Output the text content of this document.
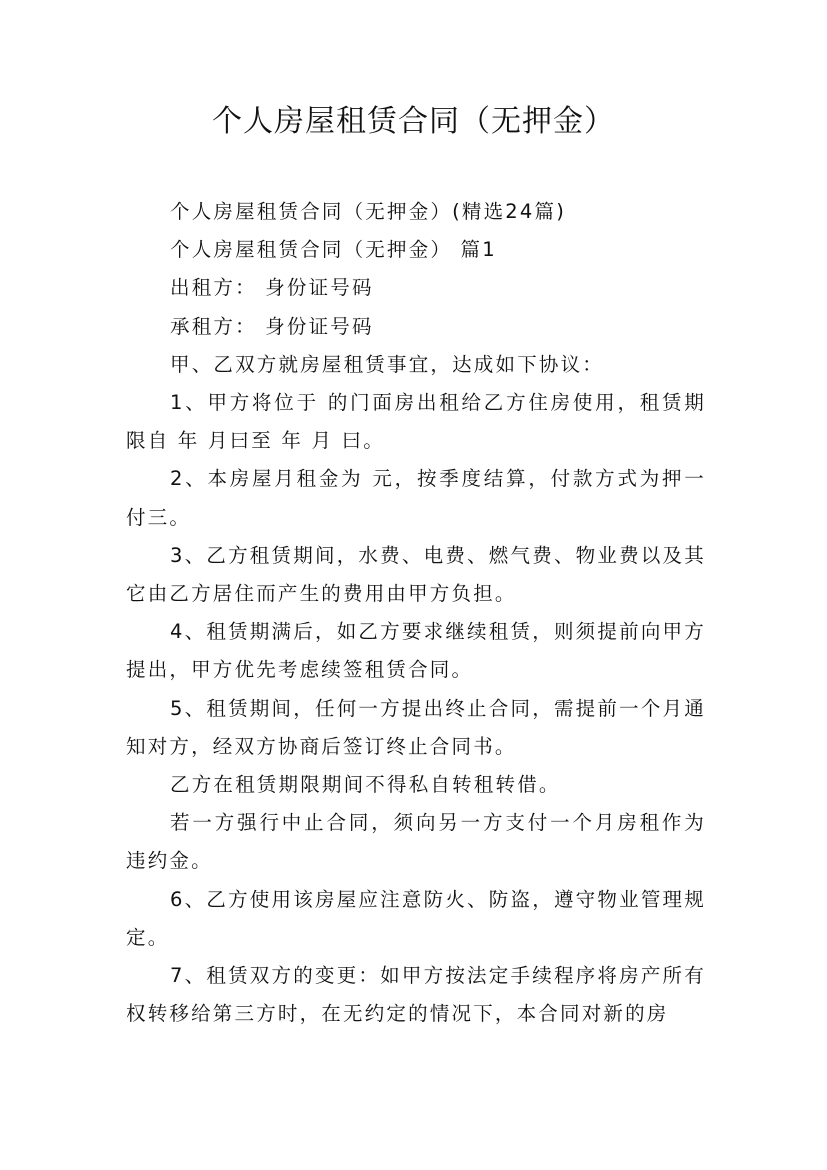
个人房屋租赁合同（无押金）

个人房屋租赁合同（无押金）(精选24篇)

个人房屋租赁合同（无押金） 篇1

出租方： 身份证号码

承租方： 身份证号码

甲、乙双方就房屋租赁事宜，达成如下协议：

1、甲方将位于 的门面房出租给乙方住房使用，租赁期限自 年 月曰至 年 月 曰。

2、本房屋月租金为 元，按季度结算，付款方式为押一付三。

3、乙方租赁期间，水费、电费、燃气费、物业费以及其它由乙方居住而产生的费用由甲方负担。

4、租赁期满后，如乙方要求继续租赁，则须提前向甲方提出，甲方优先考虑续签租赁合同。

5、租赁期间，任何一方提出终止合同，需提前一个月通知对方，经双方协商后签订终止合同书。

乙方在租赁期限期间不得私自转租转借。

若一方强行中止合同，须向另一方支付一个月房租作为违约金。

6、乙方使用该房屋应注意防火、防盗，遵守物业管理规定。

7、租赁双方的变更：如甲方按法定手续程序将房产所有权转移给第三方时，在无约定的情况下，本合同对新的房
